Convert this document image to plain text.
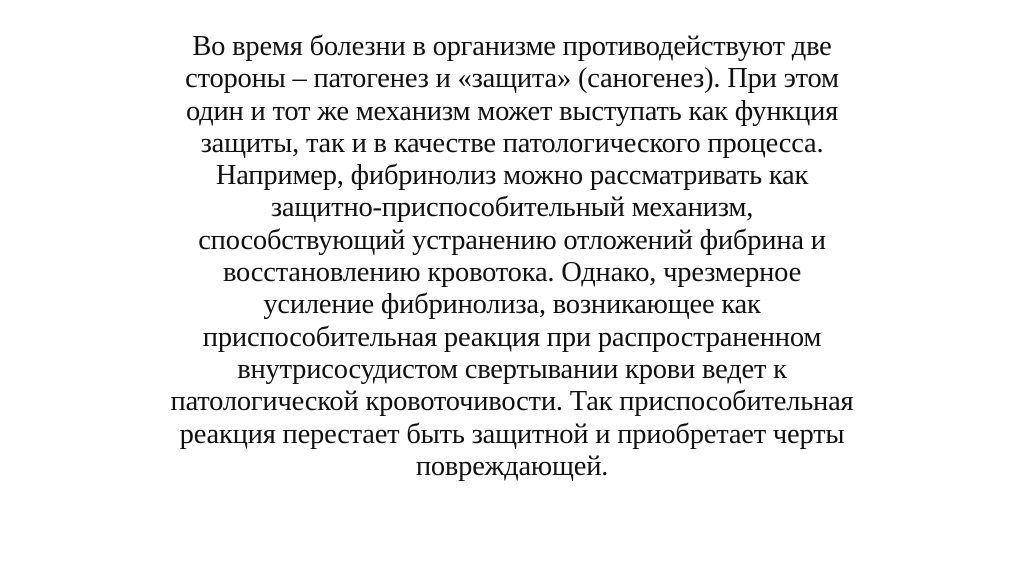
Во время болезни в организме противодействуют две
стороны – патогенез и «защита» (саногенез). При этом
один и тот же механизм может выступать как функция
защиты, так и в качестве патологического процесса.
Например, фибринолиз можно рассматривать как
защитно-приспособительный механизм,
способствующий устранению отложений фибрина и
восстановлению кровотока. Однако, чрезмерное
усиление фибринолиза, возникающее как
приспособительная реакция при распространенном
внутрисосудистом свертывании крови ведет к
патологической кровоточивости. Так приспособительная
реакция перестает быть защитной и приобретает черты
повреждающей.
